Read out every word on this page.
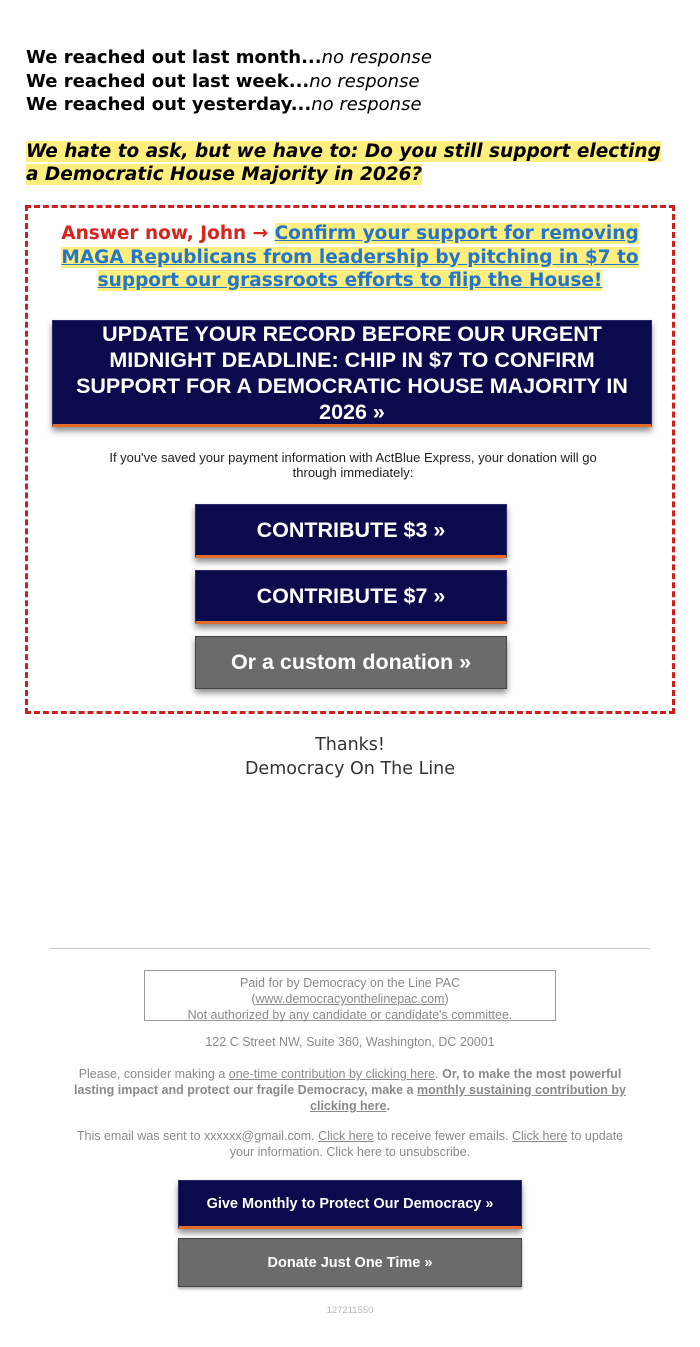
We reached out last month...no response
We reached out last week...no response
We reached out yesterday...no response
We hate to ask, but we have to: Do you still support electing a Democratic House Majority in 2026?
Answer now, John → Confirm your support for removing MAGA Republicans from leadership by pitching in $7 to support our grassroots efforts to flip the House!
UPDATE YOUR RECORD BEFORE OUR URGENT MIDNIGHT DEADLINE: CHIP IN $7 TO CONFIRM SUPPORT FOR A DEMOCRATIC HOUSE MAJORITY IN 2026 »
If you've saved your payment information with ActBlue Express, your donation will go through immediately:
CONTRIBUTE $3 »
CONTRIBUTE $7 »
Or a custom donation »
Thanks!
Democracy On The Line
Paid for by Democracy on the Line PAC
(www.democracyonthelinepac.com)
Not authorized by any candidate or candidate's committee.
122 C Street NW, Suite 360, Washington, DC 20001
Please, consider making a one-time contribution by clicking here. Or, to make the most powerful lasting impact and protect our fragile Democracy, make a monthly sustaining contribution by clicking here.
This email was sent to xxxxxx@gmail.com. Click here to receive fewer emails. Click here to update your information. Click here to unsubscribe.
Give Monthly to Protect Our Democracy »
Donate Just One Time »
127211550
